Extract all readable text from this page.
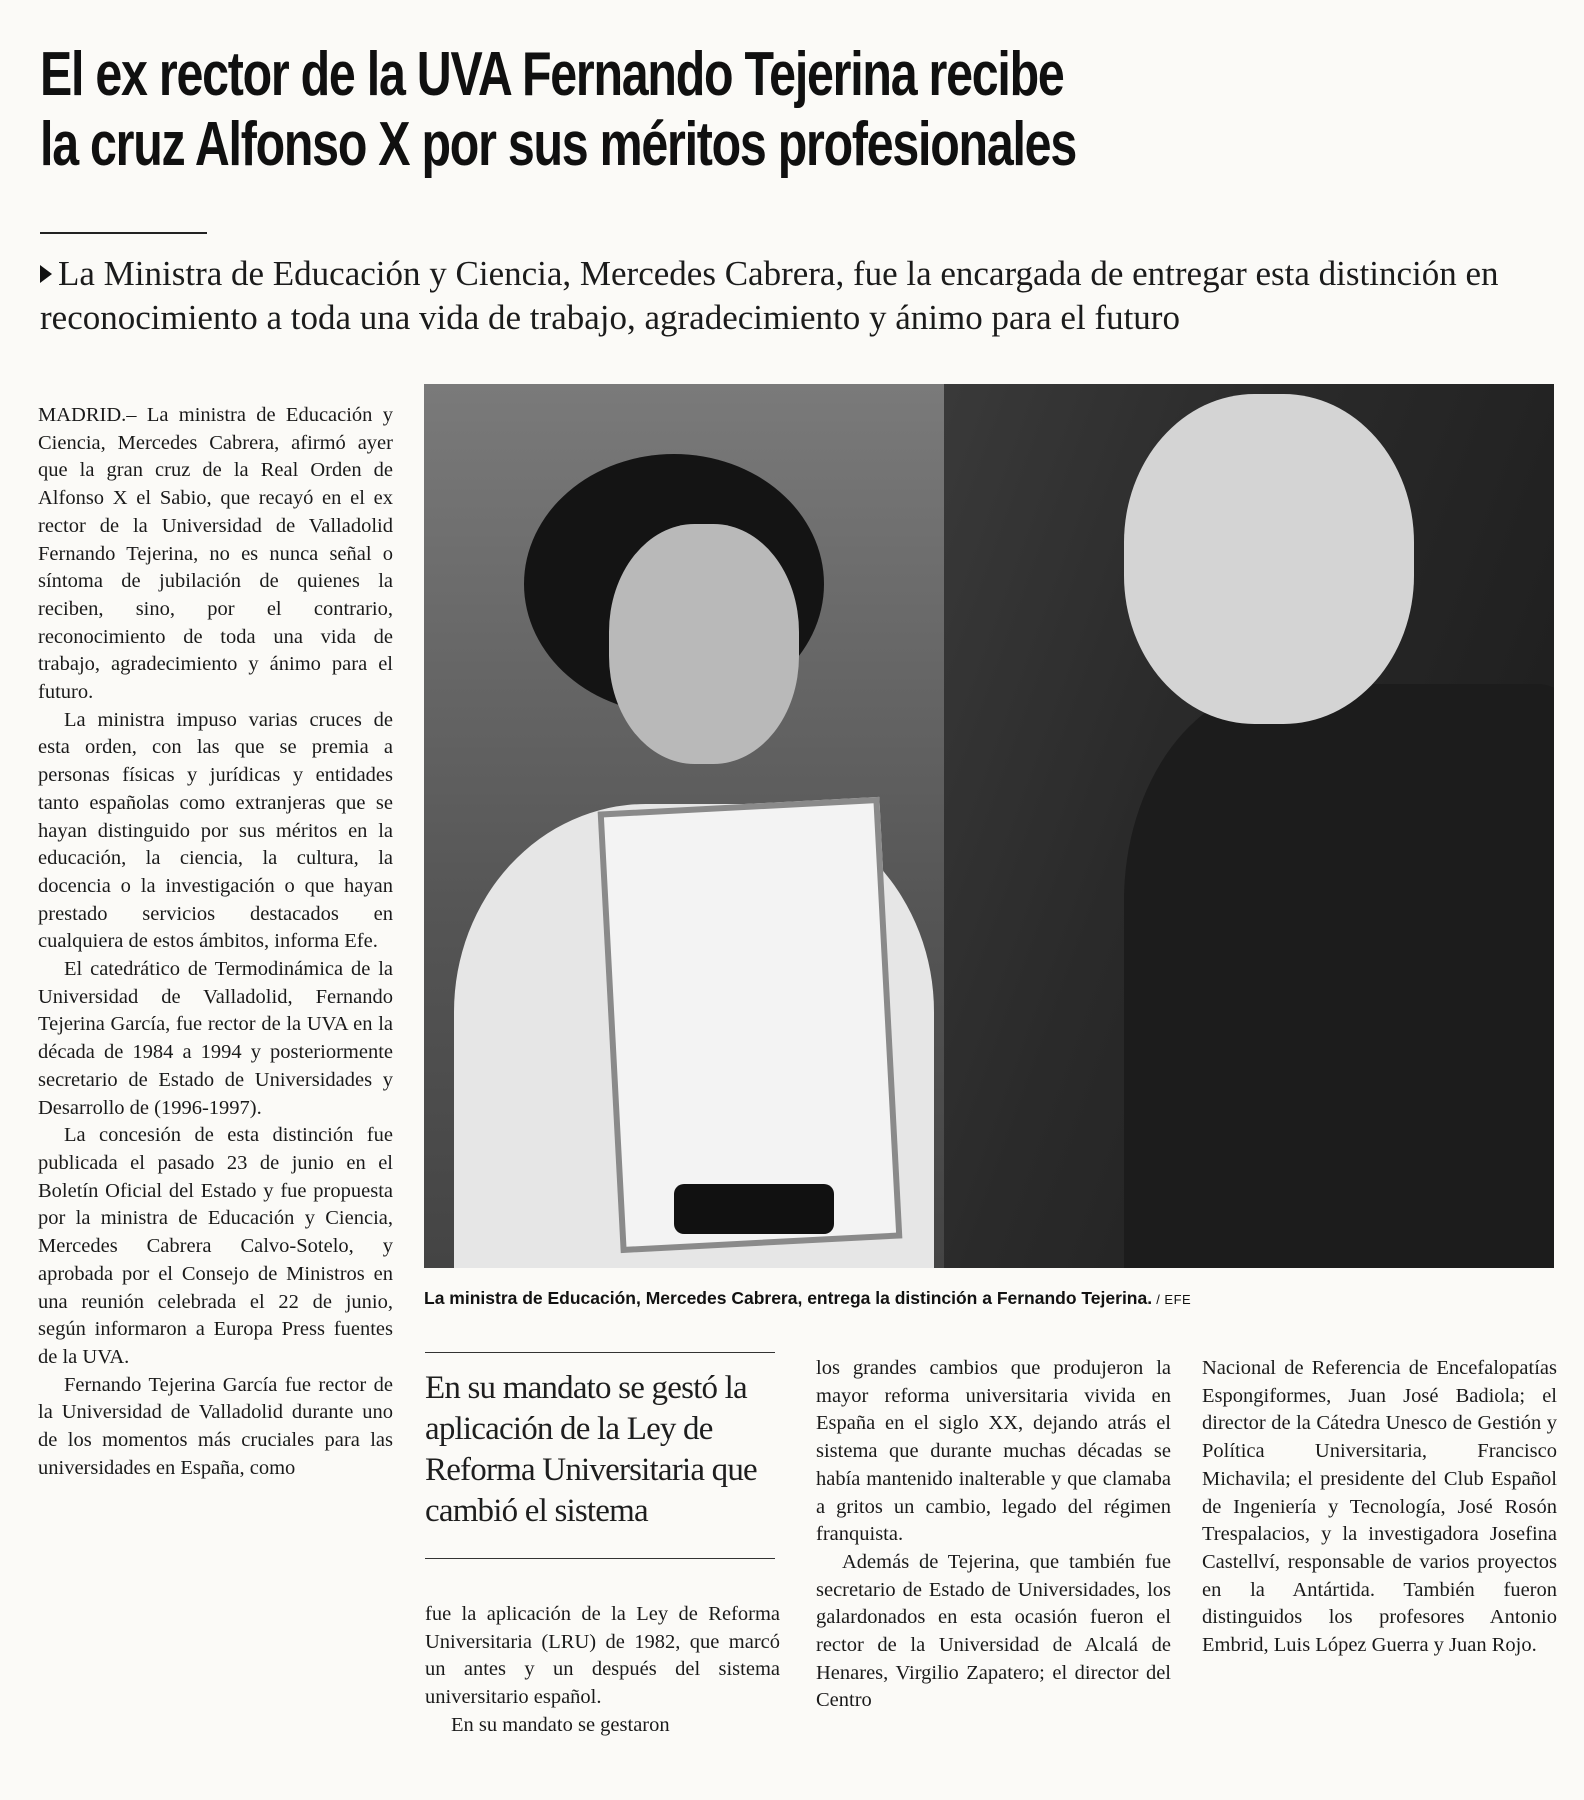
El ex rector de la UVA Fernando Tejerina recibe
la cruz Alfonso X por sus méritos profesionales
La Ministra de Educación y Ciencia, Mercedes Cabrera, fue la encargada de entregar esta distinción en reconocimiento a toda una vida de trabajo, agradecimiento y ánimo para el futuro

MADRID.– La ministra de Educación y Ciencia, Mercedes Cabrera, afirmó ayer que la gran cruz de la Real Orden de Alfonso X el Sabio, que recayó en el ex rector de la Universidad de Valladolid Fernando Tejerina, no es nunca señal o síntoma de jubilación de quienes la reciben, sino, por el contrario, reconocimiento de toda una vida de trabajo, agradecimiento y ánimo para el futuro.

La ministra impuso varias cruces de esta orden, con las que se premia a personas físicas y jurídicas y entidades tanto españolas como extranjeras que se hayan distinguido por sus méritos en la educación, la ciencia, la cultura, la docencia o la investigación o que hayan prestado servicios destacados en cualquiera de estos ámbitos, informa Efe.

El catedrático de Termodinámica de la Universidad de Valladolid, Fernando Tejerina García, fue rector de la UVA en la década de 1984 a 1994 y posteriormente secretario de Estado de Universidades y Desarrollo de (1996-1997).

La concesión de esta distinción fue publicada el pasado 23 de junio en el Boletín Oficial del Estado y fue propuesta por la ministra de Educación y Ciencia, Mercedes Cabrera Calvo-Sotelo, y aprobada por el Consejo de Ministros en una reunión celebrada el 22 de junio, según informaron a Europa Press fuentes de la UVA.

Fernando Tejerina García fue rector de la Universidad de Valladolid durante uno de los momentos más cruciales para las universidades en España, como

La ministra de Educación, Mercedes Cabrera, entrega la distinción a Fernando Tejerina. / EFE
En su mandato se gestó la aplicación de la Ley de Reforma Universitaria que cambió el sistema

fue la aplicación de la Ley de Reforma Universitaria (LRU) de 1982, que marcó un antes y un después del sistema universitario español.

En su mandato se gestaron

los grandes cambios que produjeron la mayor reforma universitaria vivida en España en el siglo XX, dejando atrás el sistema que durante muchas décadas se había mantenido inalterable y que clamaba a gritos un cambio, legado del régimen franquista.

Además de Tejerina, que también fue secretario de Estado de Universidades, los galardonados en esta ocasión fueron el rector de la Universidad de Alcalá de Henares, Virgilio Zapatero; el director del Centro

Nacional de Referencia de Encefalopatías Espongiformes, Juan José Badiola; el director de la Cátedra Unesco de Gestión y Política Universitaria, Francisco Michavila; el presidente del Club Español de Ingeniería y Tecnología, José Rosón Trespalacios, y la investigadora Josefina Castellví, responsable de varios proyectos en la Antártida. También fueron distinguidos los profesores Antonio Embrid, Luis López Guerra y Juan Rojo.
